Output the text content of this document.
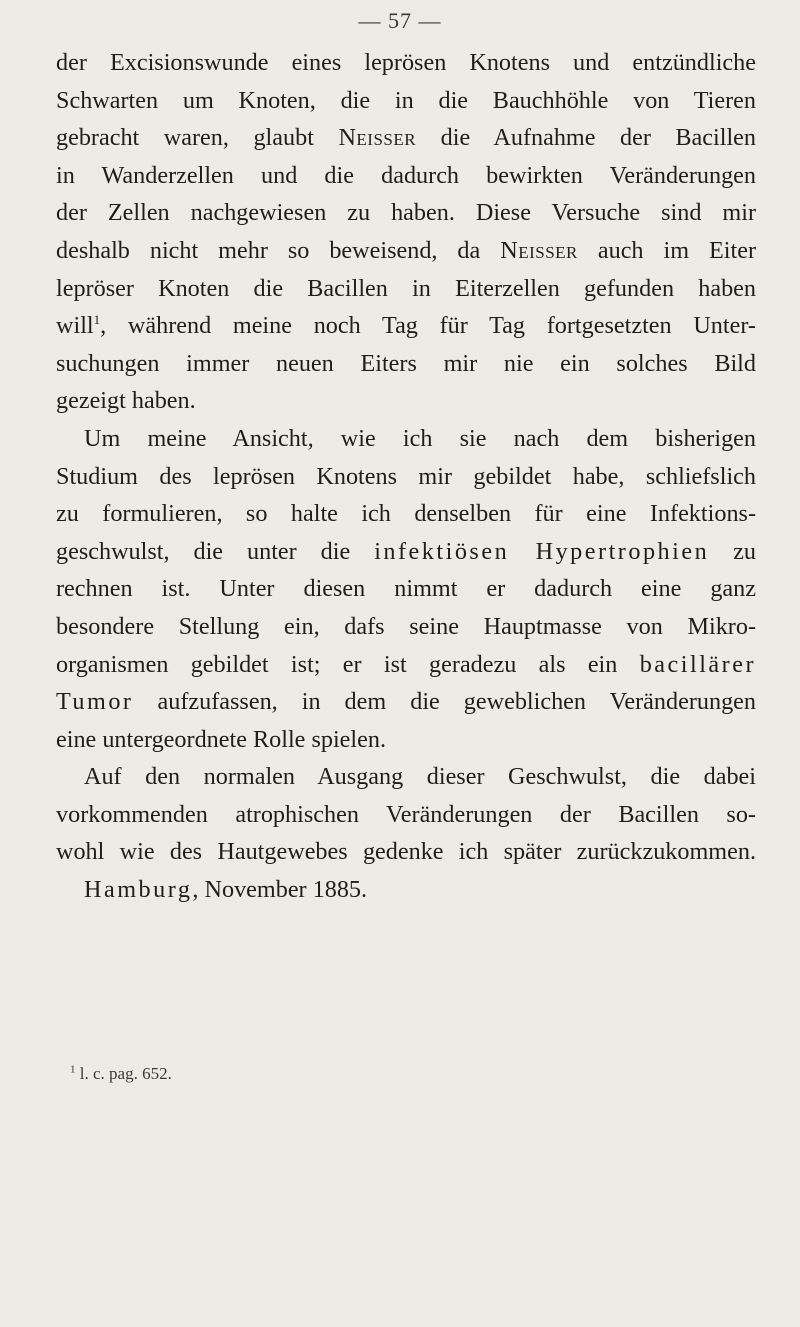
— 57 —
der Excisionswunde eines leprösen Knotens und entzündliche
Schwarten um Knoten, die in die Bauchhöhle von Tieren
gebracht waren, glaubt Neisser die Aufnahme der Bacillen
in Wanderzellen und die dadurch bewirkten Veränderungen
der Zellen nachgewiesen zu haben. Diese Versuche sind mir
deshalb nicht mehr so beweisend, da Neisser auch im Eiter
lepröser Knoten die Bacillen in Eiterzellen gefunden haben
will$^1$, während meine noch Tag für Tag fortgesetzten Unter-
suchungen immer neuen Eiters mir nie ein solches Bild
gezeigt haben.
Um meine Ansicht, wie ich sie nach dem bisherigen
Studium des leprösen Knotens mir gebildet habe, schliefslich
zu formulieren, so halte ich denselben für eine Infektions-
geschwulst, die unter die infektiösen Hypertrophien zu
rechnen ist. Unter diesen nimmt er dadurch eine ganz
besondere Stellung ein, dafs seine Hauptmasse von Mikro-
organismen gebildet ist; er ist geradezu als ein bacillärer
Tumor aufzufassen, in dem die geweblichen Veränderungen
eine untergeordnete Rolle spielen.
Auf den normalen Ausgang dieser Geschwulst, die dabei
vorkommenden atrophischen Veränderungen der Bacillen so-
wohl wie des Hautgewebes gedenke ich später zurückzukommen.
Hamburg, November 1885.
$^1$ l. c. pag. 652.
